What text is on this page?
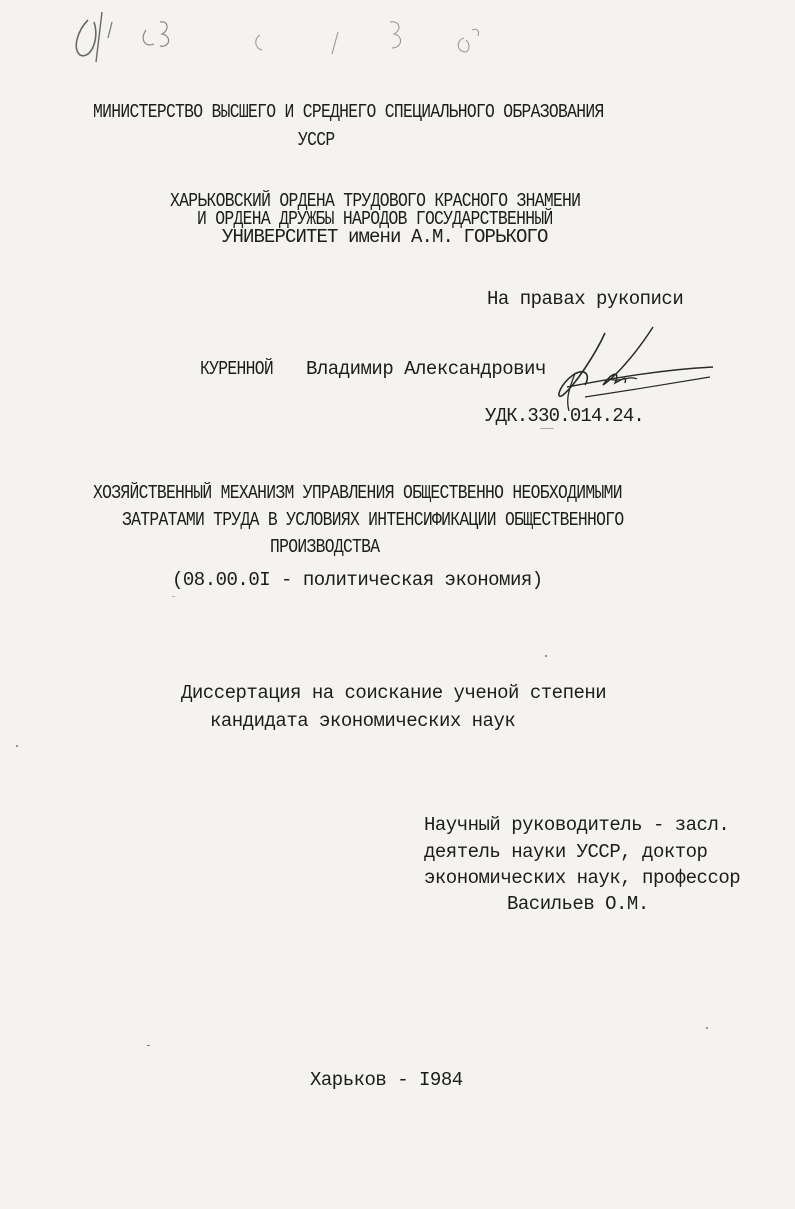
МИНИСТЕРСТВО ВЫСШЕГО И СРЕДНЕГО СПЕЦИАЛЬНОГО ОБРАЗОВАНИЯ
УССР
ХАРЬКОВСКИЙ ОРДЕНА ТРУДОВОГО КРАСНОГО ЗНАМЕНИ
И ОРДЕНА ДРУЖБЫ НАРОДОВ ГОСУДАРСТВЕННЫЙ
УНИВЕРСИТЕТ имени А.М. ГОРЬКОГО
На правах рукописи
КУРЕННОЙ Владимир Александрович
УДК.330.014.24.
ХОЗЯЙСТВЕННЫЙ МЕХАНИЗМ УПРАВЛЕНИЯ ОБЩЕСТВЕННО НЕОБХОДИМЫМИ
ЗАТРАТАМИ ТРУДА В УСЛОВИЯХ ИНТЕНСИФИКАЦИИ ОБЩЕСТВЕННОГО
ПРОИЗВОДСТВА
(08.00.0I - политическая экономия)
Диссертация на соискание ученой степени
кандидата экономических наук
Научный руководитель - засл.
деятель науки УССР, доктор
экономических наук, профессор
Васильев О.М.
Харьков - I984
